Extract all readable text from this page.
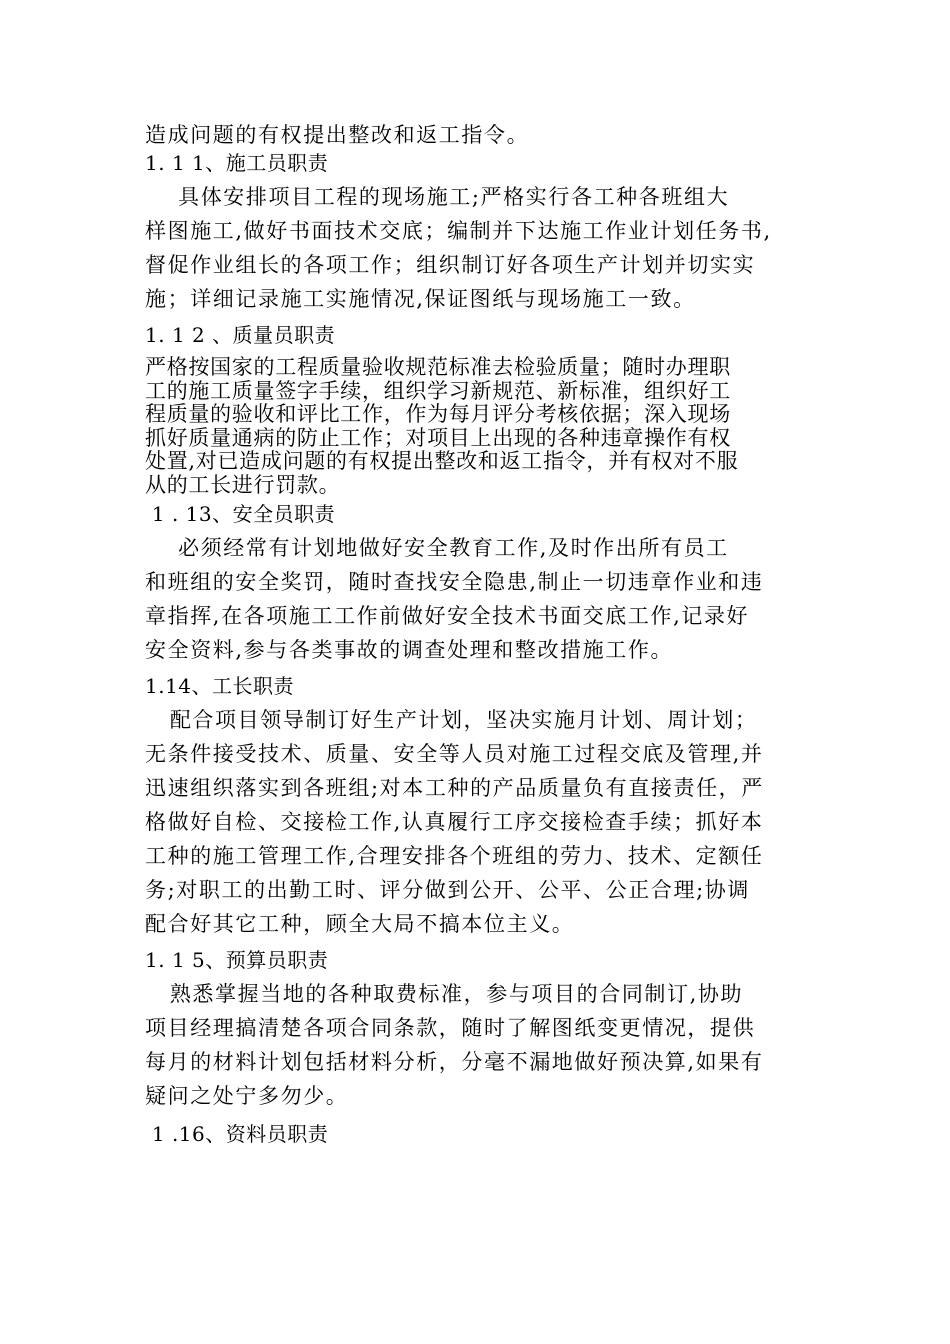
造成问题的有权提出整改和返工指令。

1. 1 1、施工员职责

具体安排项目工程的现场施工;严格实行各工种各班组大

样图施工,做好书面技术交底；编制并下达施工作业计划任务书,

督促作业组长的各项工作；组织制订好各项生产计划并切实实

施；详细记录施工实施情况,保证图纸与现场施工一致。

1. 1 2 、质量员职责

严格按国家的工程质量验收规范标准去检验质量；随时办理职

工的施工质量签字手续，组织学习新规范、新标准，组织好工

程质量的验收和评比工作，作为每月评分考核依据；深入现场

抓好质量通病的防止工作；对项目上出现的各种违章操作有权

处置,对已造成问题的有权提出整改和返工指令，并有权对不服

从的工长进行罚款。

1 . 13、安全员职责

必须经常有计划地做好安全教育工作,及时作出所有员工

和班组的安全奖罚，随时查找安全隐患,制止一切违章作业和违

章指挥,在各项施工工作前做好安全技术书面交底工作,记录好

安全资料,参与各类事故的调查处理和整改措施工作。

1.14、工长职责

配合项目领导制订好生产计划，坚决实施月计划、周计划；

无条件接受技术、质量、安全等人员对施工过程交底及管理,并

迅速组织落实到各班组;对本工种的产品质量负有直接责任，严

格做好自检、交接检工作,认真履行工序交接检查手续；抓好本

工种的施工管理工作,合理安排各个班组的劳力、技术、定额任

务;对职工的出勤工时、评分做到公开、公平、公正合理;协调

配合好其它工种，顾全大局不搞本位主义。

1. 1 5、预算员职责

熟悉掌握当地的各种取费标准，参与项目的合同制订,协助

项目经理搞清楚各项合同条款，随时了解图纸变更情况，提供

每月的材料计划包括材料分析，分毫不漏地做好预决算,如果有

疑问之处宁多勿少。

1 .16、资料员职责
